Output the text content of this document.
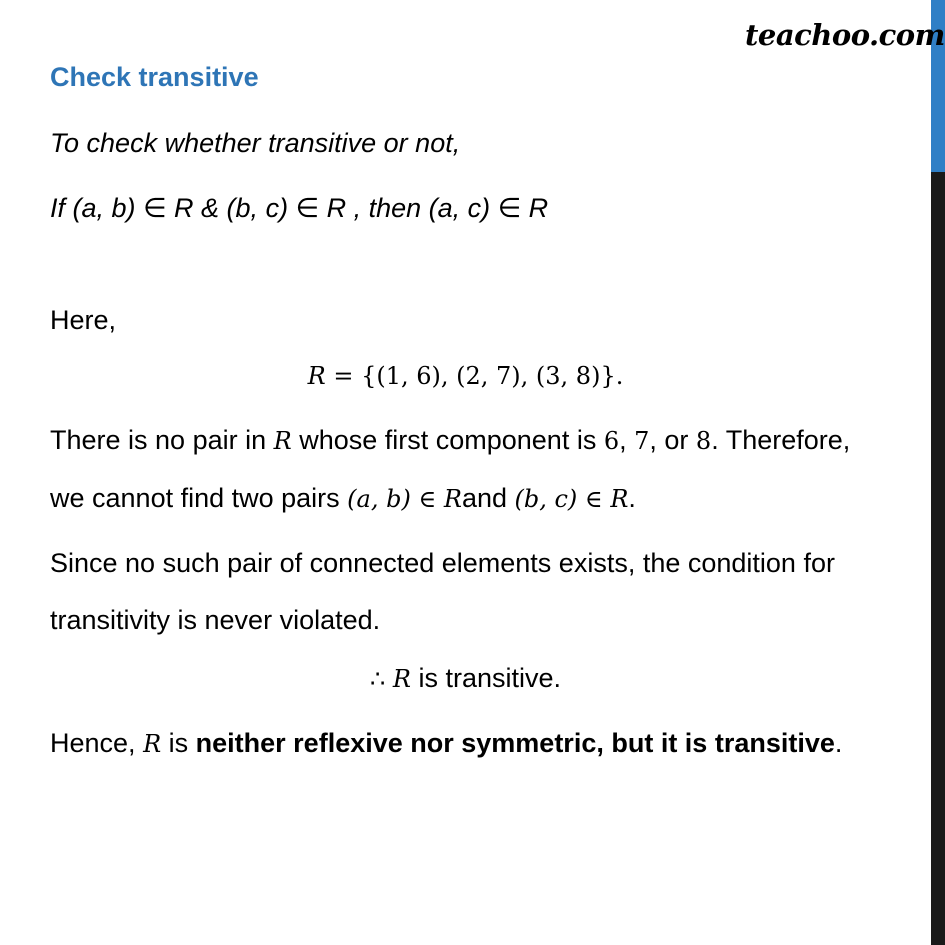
teachoo.com
Check transitive
To check whether transitive or not,
If (a, b) ∈ R & (b, c) ∈ R , then (a, c) ∈ R
Here,
R = {(1, 6), (2, 7), (3, 8)}.
There is no pair in R whose first component is 6, 7, or 8. Therefore,
we cannot find two pairs (a, b) ∈ Rand (b, c) ∈ R.
Since no such pair of connected elements exists, the condition for
transitivity is never violated.
∴ R is transitive.
Hence, R is neither reflexive nor symmetric, but it is transitive.
